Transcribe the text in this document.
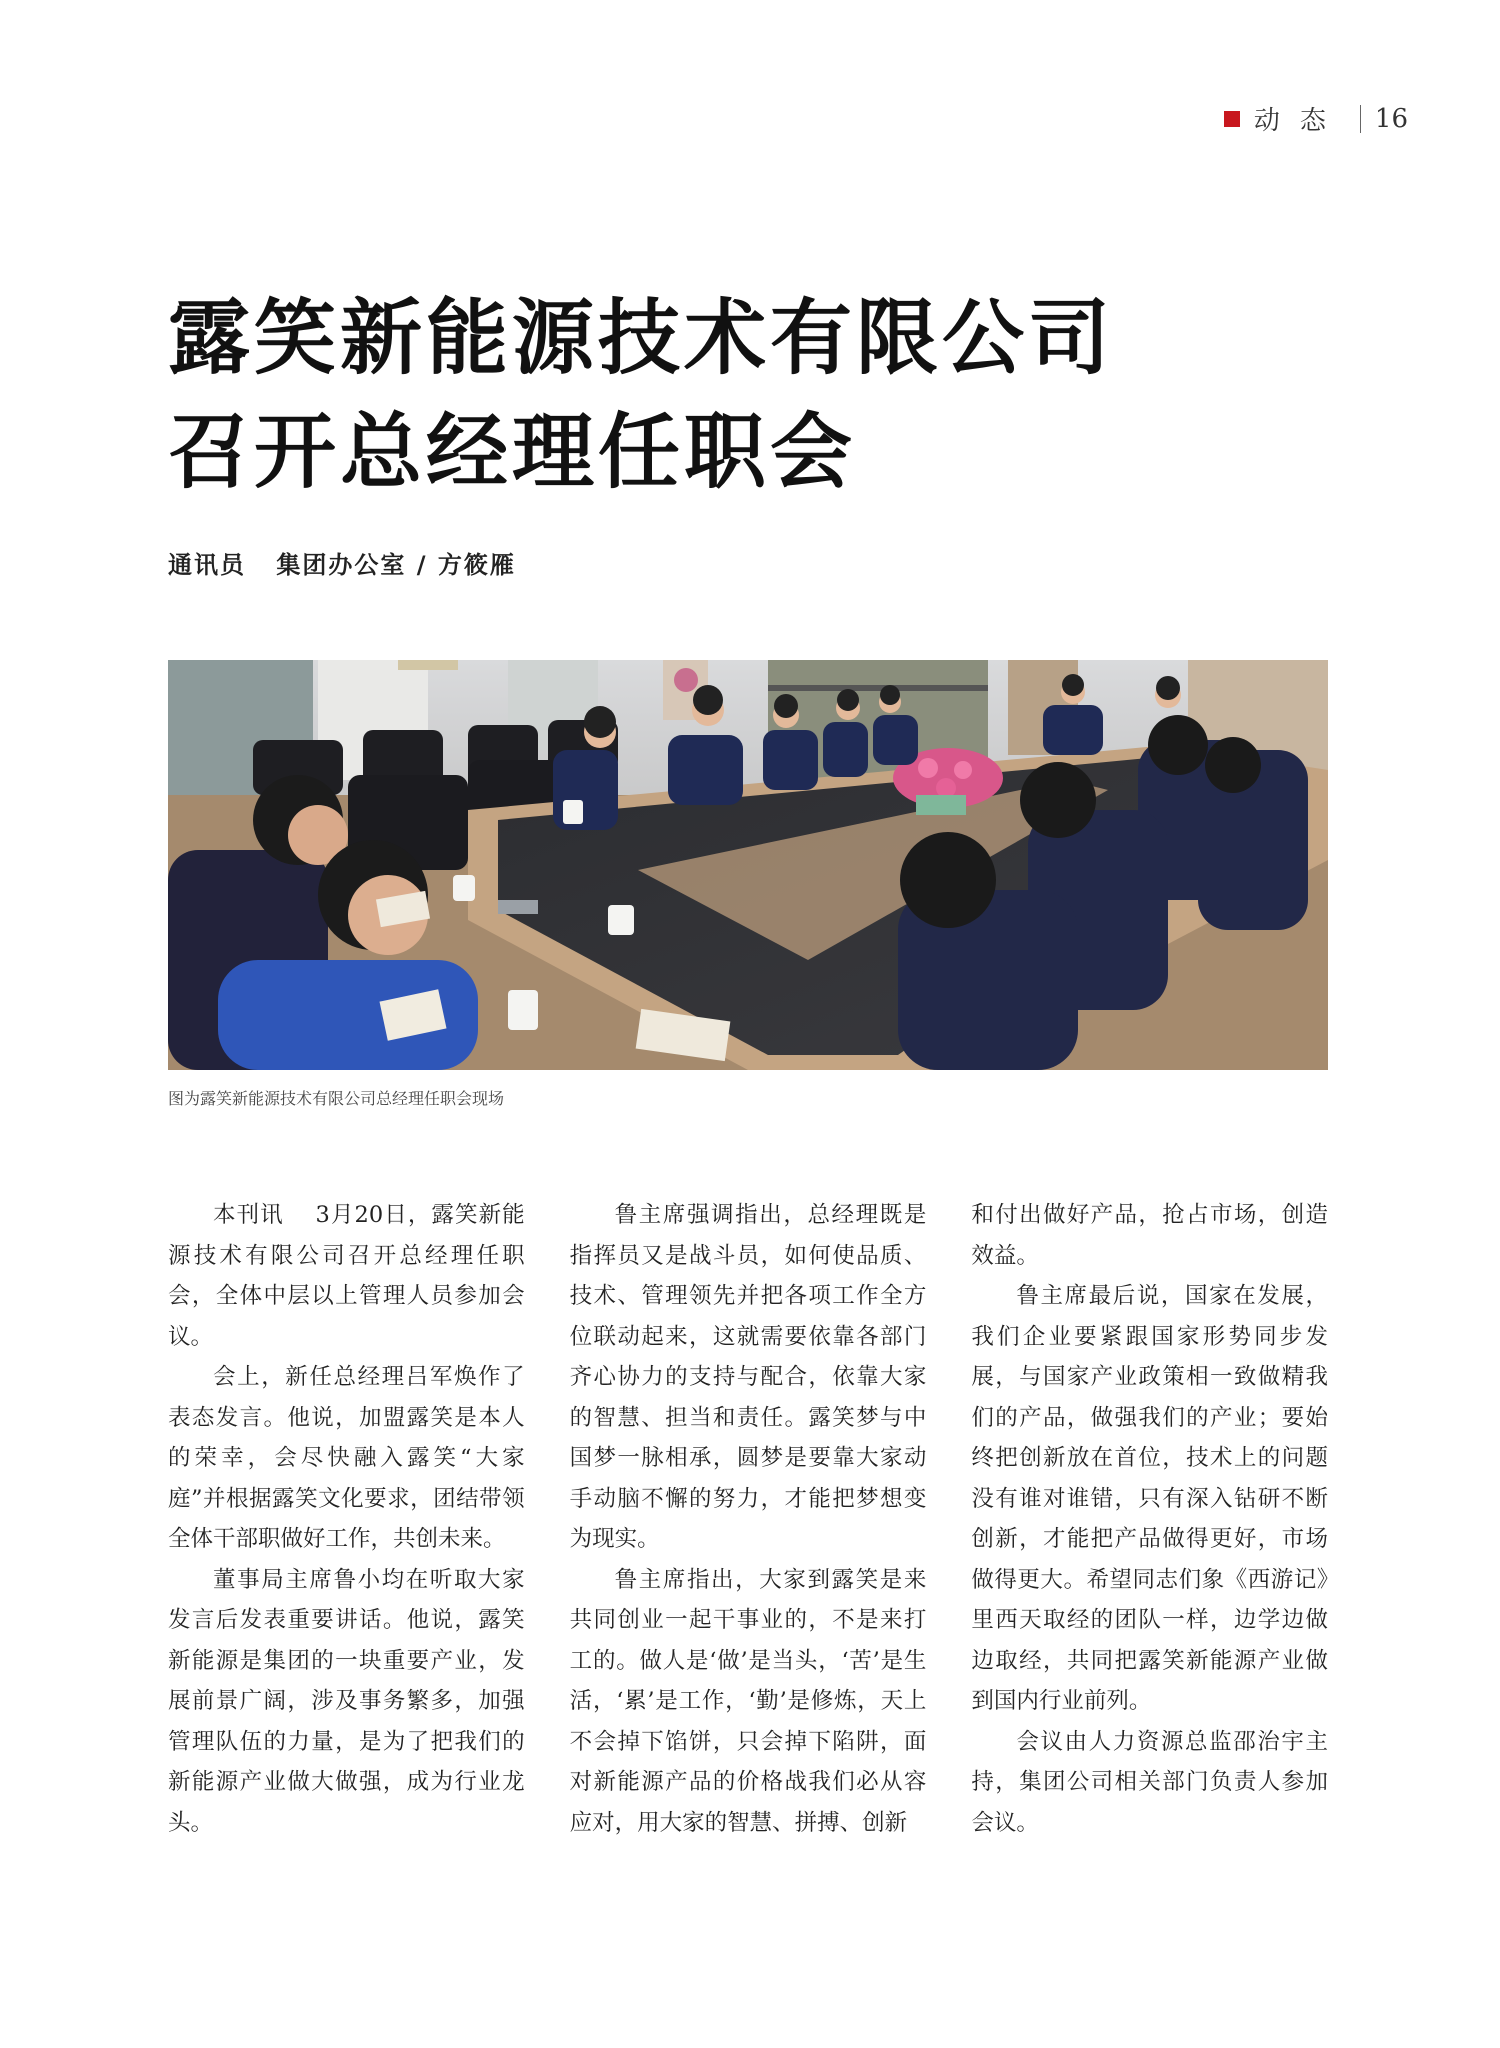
动态 16
露笑新能源技术有限公司
召开总经理任职会
通讯员 集团办公室 / 方筱雁
图为露笑新能源技术有限公司总经理任职会现场

本刊讯　 3月20日，露笑新能源技术有限公司召开总经理任职会，全体中层以上管理人员参加会议。

会上，新任总经理吕军焕作了表态发言。他说，加盟露笑是本人的荣幸，会尽快融入露笑“大家庭”并根据露笑文化要求，团结带领全体干部职做好工作，共创未来。

董事局主席鲁小均在听取大家发言后发表重要讲话。他说，露笑新能源是集团的一块重要产业，发展前景广阔，涉及事务繁多，加强管理队伍的力量，是为了把我们的新能源产业做大做强，成为行业龙头。

鲁主席强调指出，总经理既是指挥员又是战斗员，如何使品质、技术、管理领先并把各项工作全方位联动起来，这就需要依靠各部门齐心协力的支持与配合，依靠大家的智慧、担当和责任。露笑梦与中国梦一脉相承，圆梦是要靠大家动手动脑不懈的努力，才能把梦想变为现实。

鲁主席指出，大家到露笑是来共同创业一起干事业的，不是来打工的。做人是‘做’是当头，‘苦’是生活，‘累’是工作，‘勤’是修炼，天上不会掉下馅饼，只会掉下陷阱，面对新能源产品的价格战我们必从容应对，用大家的智慧、拼搏、创新

和付出做好产品，抢占市场，创造效益。

鲁主席最后说，国家在发展，我们企业要紧跟国家形势同步发展，与国家产业政策相一致做精我们的产品，做强我们的产业；要始终把创新放在首位，技术上的问题没有谁对谁错，只有深入钻研不断创新，才能把产品做得更好，市场做得更大。希望同志们象《西游记》里西天取经的团队一样，边学边做边取经，共同把露笑新能源产业做到国内行业前列。

会议由人力资源总监邵治宇主持，集团公司相关部门负责人参加会议。
